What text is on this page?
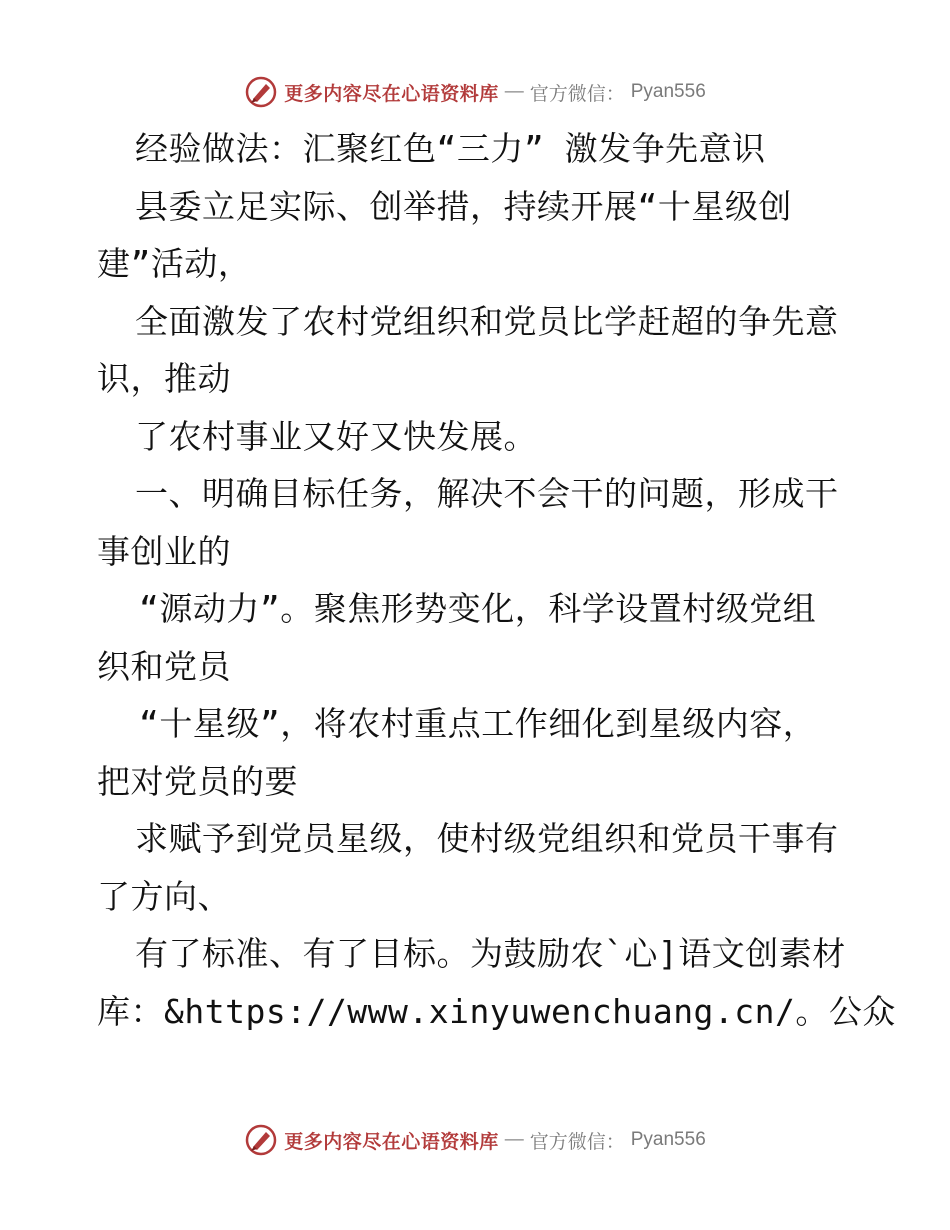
更多内容尽在心语资料库 — 官方微信： Pyan556
经验做法：汇聚红色“三力” 激发争先意识
县委立足实际、创举措，持续开展“十星级创
建”活动，
全面激发了农村党组织和党员比学赶超的争先意
识，推动
了农村事业又好又快发展。
一、明确目标任务，解决不会干的问题，形成干
事创业的
“源动力”。聚焦形势变化，科学设置村级党组
织和党员
“十星级”，将农村重点工作细化到星级内容，
把对党员的要
求赋予到党员星级，使村级党组织和党员干事有
了方向、
有了标准、有了目标。为鼓励农`心]语文创素材
库：&https://www.xinyuwenchuang.cn/。公众
更多内容尽在心语资料库 — 官方微信： Pyan556
